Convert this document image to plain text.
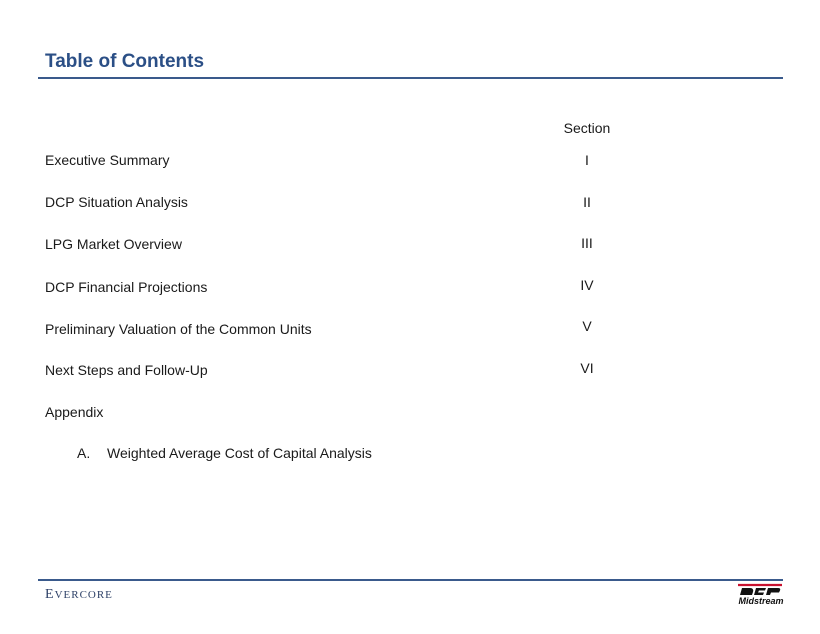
Table of Contents
Section
Executive Summary	I
DCP Situation Analysis	II
LPG Market Overview	III
DCP Financial Projections	IV
Preliminary Valuation of the Common Units	V
Next Steps and Follow-Up	VI
Appendix
A. Weighted Average Cost of Capital Analysis
EVERCORE	Midstream
